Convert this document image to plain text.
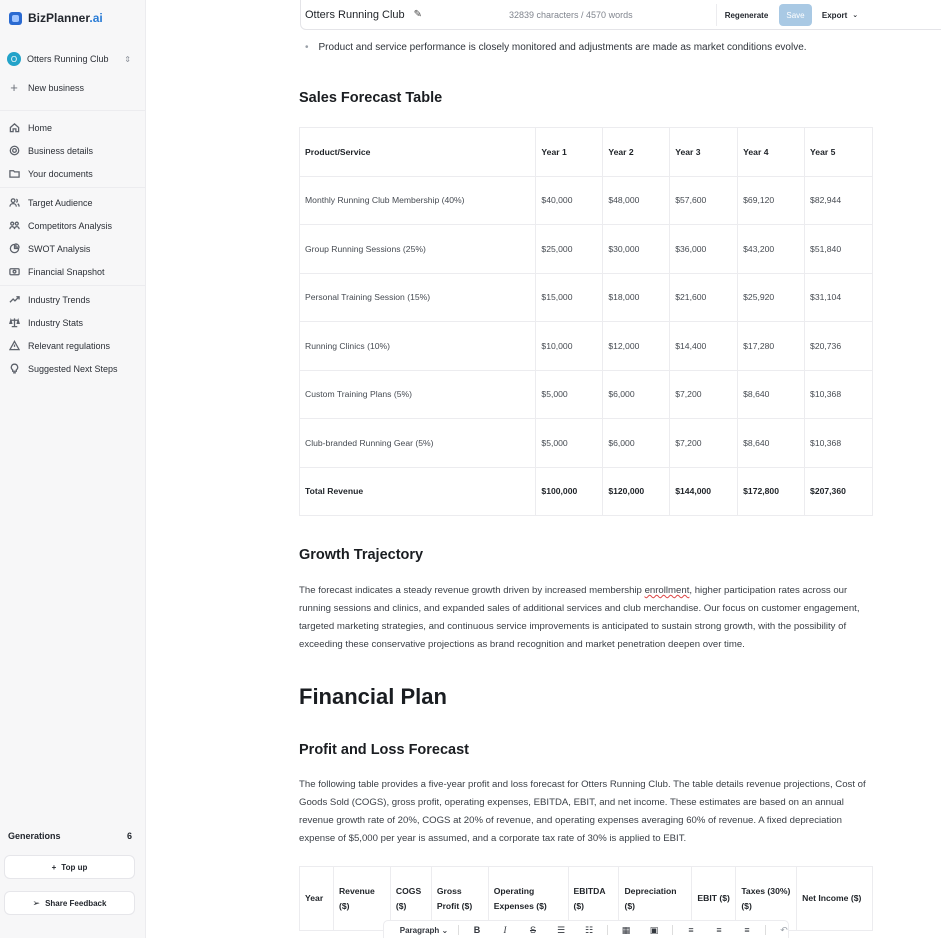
BizPlanner.ai
O	Otters Running Club	⇕
+ New business
Home
Business details
Your documents
Target Audience
Competitors Analysis
SWOT Analysis
Financial Snapshot
Industry Trends
Industry Stats
Relevant regulations
Suggested Next Steps
Generations	6
+ Top up
➢ Share Feedback
Otters Running Club ✎	32839 characters / 4570 words	Regenerate	Save	Export ⌄
• Product and service performance is closely monitored and adjustments are made as market conditions evolve.
Sales Forecast Table
Product/Service	Year 1	Year 2	Year 3	Year 4	Year 5
Monthly Running Club Membership (40%)	$40,000	$48,000	$57,600	$69,120	$82,944
Group Running Sessions (25%)	$25,000	$30,000	$36,000	$43,200	$51,840
Personal Training Session (15%)	$15,000	$18,000	$21,600	$25,920	$31,104
Running Clinics (10%)	$10,000	$12,000	$14,400	$17,280	$20,736
Custom Training Plans (5%)	$5,000	$6,000	$7,200	$8,640	$10,368
Club-branded Running Gear (5%)	$5,000	$6,000	$7,200	$8,640	$10,368
Total Revenue	$100,000	$120,000	$144,000	$172,800	$207,360
Growth Trajectory

The forecast indicates a steady revenue growth driven by increased membership enrollment, higher participation rates across our running sessions and clinics, and expanded sales of additional services and club merchandise. Our focus on customer engagement, targeted marketing strategies, and continuous service improvements is anticipated to sustain strong growth, with the possibility of exceeding these conservative projections as brand recognition and market penetration deepen over time.

Financial Plan
Profit and Loss Forecast

The following table provides a five-year profit and loss forecast for Otters Running Club. The table details revenue projections, Cost of Goods Sold (COGS), gross profit, operating expenses, EBITDA, EBIT, and net income. These estimates are based on an annual revenue growth rate of 20%, COGS at 20% of revenue, and operating expenses averaging 60% of revenue. A fixed depreciation expense of $5,000 per year is assumed, and a corporate tax rate of 30% is applied to EBIT.

Year	Revenue ($)	COGS ($)	Gross Profit ($)	Operating Expenses ($)	EBITDA ($)	Depreciation ($)	EBIT ($)	Taxes (30%) ($)	Net Income ($)
Paragraph ⌄	B	I	S	☰	☷	▦	▣	≡	≡	≡	↶
